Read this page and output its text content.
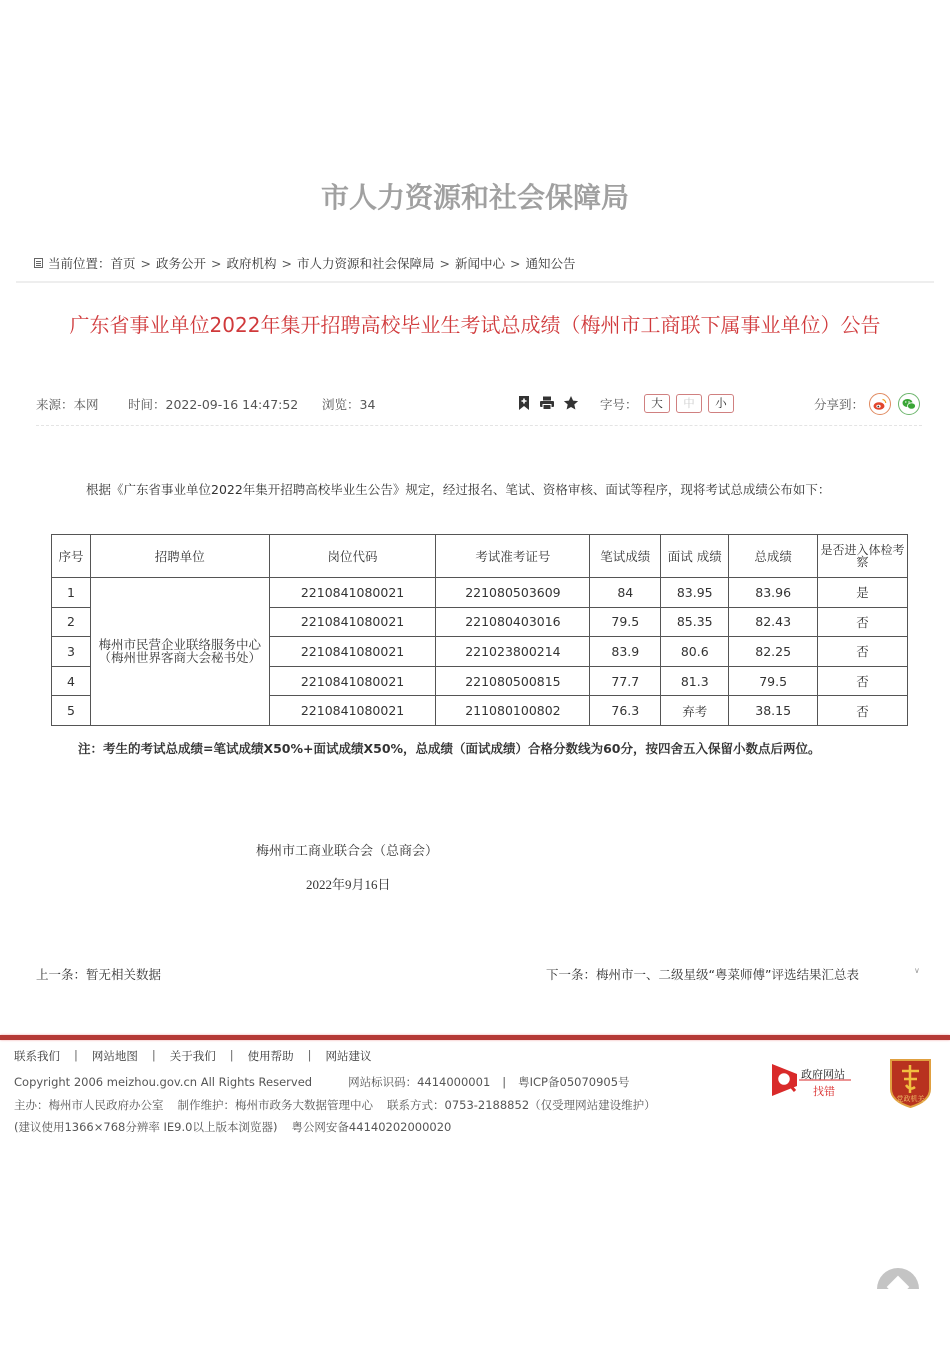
市人力资源和社会保障局
当前位置： 首页 > 政务公开 > 政府机构 > 市人力资源和社会保障局 > 新闻中心 > 通知公告
广东省事业单位2022年集开招聘高校毕业生考试总成绩（梅州市工商联下属事业单位）公告
来源：本网 时间：2022-09-16 14:47:52 浏览：34	字号：	大	中	小	分享到：

根据《广东省事业单位2022年集开招聘高校毕业生公告》规定，经过报名、笔试、资格审核、面试等程序，现将考试总成绩公布如下：

序号	招聘单位	岗位代码	考试准考证号	笔试成绩	面试 成绩	总成绩	是否进入体检考察
1	梅州市民营企业联络服务中心（梅州世界客商大会秘书处）	2210841080021	221080503609	84	83.95	83.96	是
2		2210841080021	221080403016	79.5	85.35	82.43	否
3		2210841080021	221023800214	83.9	80.6	82.25	否
4		2210841080021	221080500815	77.7	81.3	79.5	否
5		2210841080021	211080100802	76.3	弃考	38.15	否

注：考生的考试总成绩=笔试成绩X50%+面试成绩X50%，总成绩（面试成绩）合格分数线为60分，按四舍五入保留小数点后两位。

梅州市工商业联合会（总商会）

2022年9月16日

上一条：暂无相关数据	下一条：梅州市一、二级星级“粤菜师傅”评选结果汇总表	∨
联系我们 | 网站地图 | 关于我们 | 使用帮助 | 网站建议
Copyright 2006 meizhou.gov.cn All Rights Reserved	网站标识码：4414000001 | 粤ICP备05070905号
主办：梅州市人民政府办公室 制作维护：梅州市政务大数据管理中心 联系方式：0753-2188852（仅受理网站建设维护）
(建议使用1366×768分辨率 IE9.0以上版本浏览器) 粤公网安备44140202000020
政府网站
找错
党政机关
